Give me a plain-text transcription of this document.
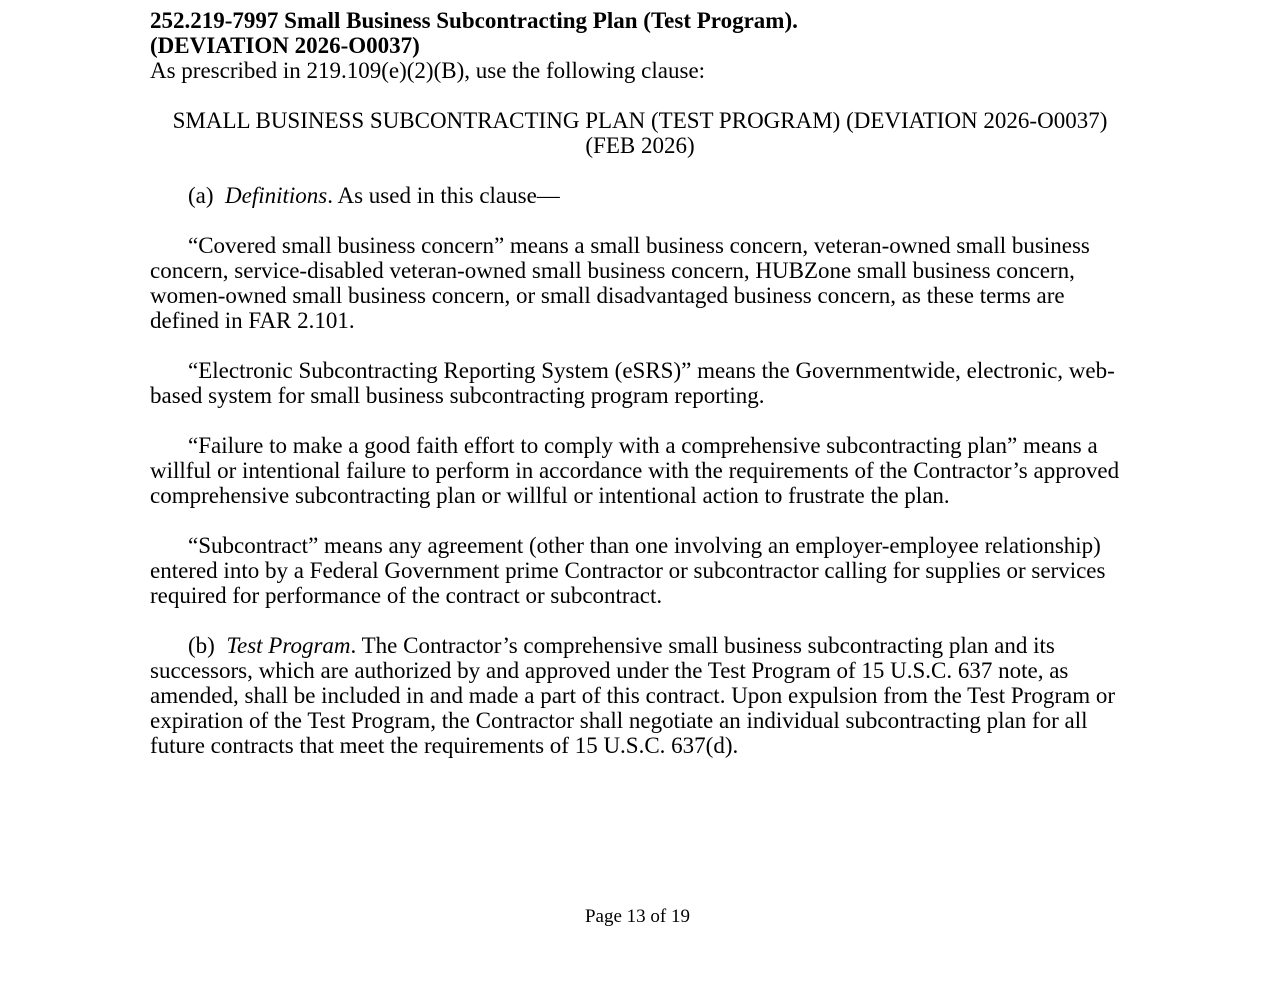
252.219-7997 Small Business Subcontracting Plan (Test Program).
(DEVIATION 2026-O0037)

As prescribed in 219.109(e)(2)(B), use the following clause:

SMALL BUSINESS SUBCONTRACTING PLAN (TEST PROGRAM) (DEVIATION 2026-O0037) (FEB 2026)

(a) Definitions. As used in this clause—

“Covered small business concern” means a small business concern, veteran-owned small business concern, service-disabled veteran-owned small business concern, HUBZone small business concern, women-owned small business concern, or small disadvantaged business concern, as these terms are defined in FAR 2.101.

“Electronic Subcontracting Reporting System (eSRS)” means the Governmentwide, electronic, web-based system for small business subcontracting program reporting.

“Failure to make a good faith effort to comply with a comprehensive subcontracting plan” means a willful or intentional failure to perform in accordance with the requirements of the Contractor’s approved comprehensive subcontracting plan or willful or intentional action to frustrate the plan.

“Subcontract” means any agreement (other than one involving an employer-employee relationship) entered into by a Federal Government prime Contractor or subcontractor calling for supplies or services required for performance of the contract or subcontract.

(b) Test Program. The Contractor’s comprehensive small business subcontracting plan and its successors, which are authorized by and approved under the Test Program of 15 U.S.C. 637 note, as amended, shall be included in and made a part of this contract. Upon expulsion from the Test Program or expiration of the Test Program, the Contractor shall negotiate an individual subcontracting plan for all future contracts that meet the requirements of 15 U.S.C. 637(d).

Page 13 of 19
